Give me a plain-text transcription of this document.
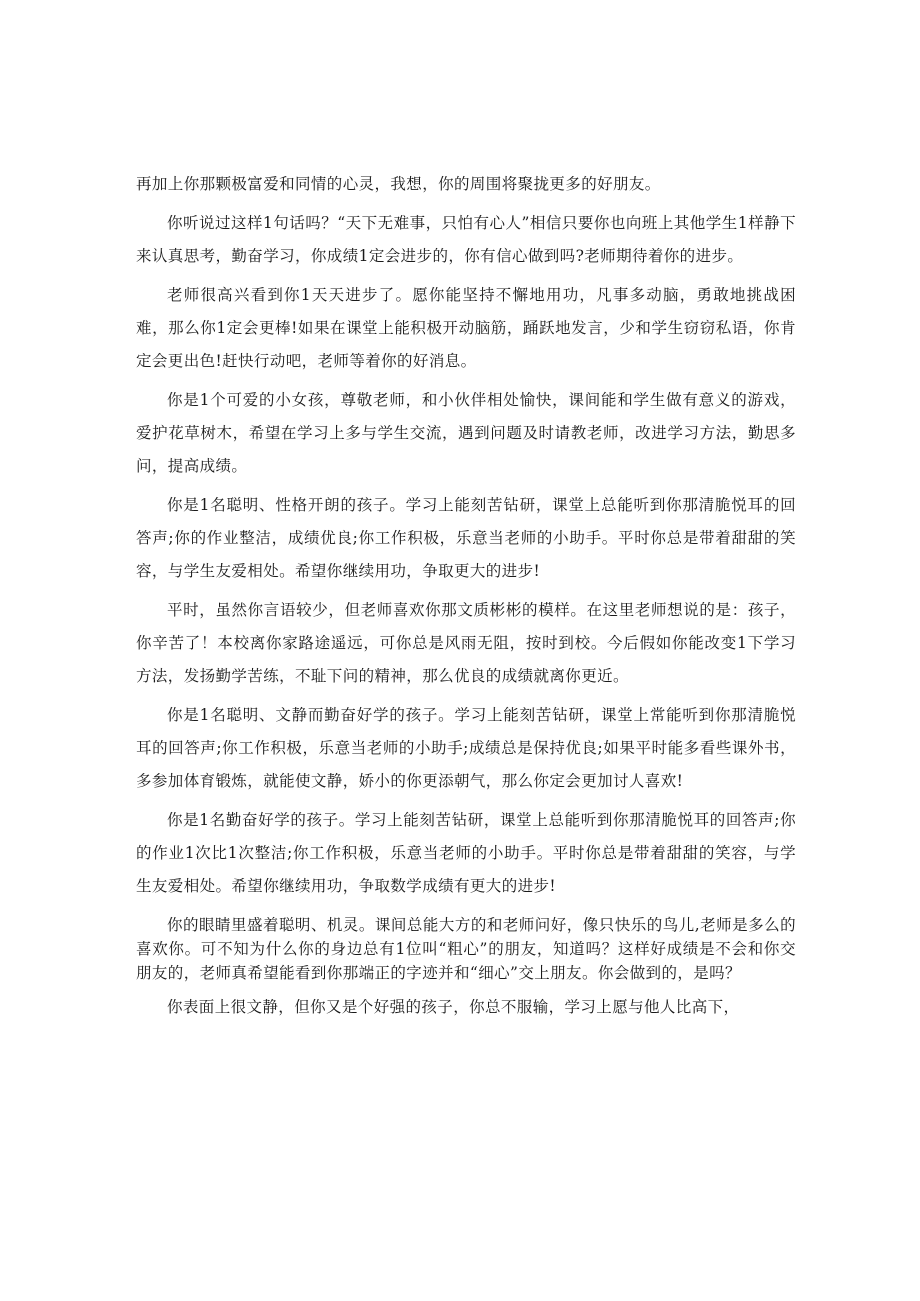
再加上你那颗极富爱和同情的心灵，我想，你的周围将聚拢更多的好朋友。

你听说过这样1句话吗？“天下无难事，只怕有心人”相信只要你也向班上其他学生1样静下来认真思考，勤奋学习，你成绩1定会进步的，你有信心做到吗?老师期待着你的进步。

老师很高兴看到你1天天进步了。愿你能坚持不懈地用功，凡事多动脑，勇敢地挑战困难，那么你1定会更棒!如果在课堂上能积极开动脑筋，踊跃地发言，少和学生窃窃私语，你肯定会更出色!赶快行动吧，老师等着你的好消息。

你是1个可爱的小女孩，尊敬老师，和小伙伴相处愉快，课间能和学生做有意义的游戏，爱护花草树木，希望在学习上多与学生交流，遇到问题及时请教老师，改进学习方法，勤思多问，提高成绩。

你是1名聪明、性格开朗的孩子。学习上能刻苦钻研，课堂上总能听到你那清脆悦耳的回答声;你的作业整洁，成绩优良;你工作积极，乐意当老师的小助手。平时你总是带着甜甜的笑容，与学生友爱相处。希望你继续用功，争取更大的进步!

平时，虽然你言语较少，但老师喜欢你那文质彬彬的模样。在这里老师想说的是：孩子，你辛苦了！本校离你家路途遥远，可你总是风雨无阻，按时到校。今后假如你能改变1下学习方法，发扬勤学苦练，不耻下问的精神，那么优良的成绩就离你更近。

你是1名聪明、文静而勤奋好学的孩子。学习上能刻苦钻研，课堂上常能听到你那清脆悦耳的回答声;你工作积极，乐意当老师的小助手;成绩总是保持优良;如果平时能多看些课外书，多参加体育锻炼，就能使文静，娇小的你更添朝气，那么你定会更加讨人喜欢!

你是1名勤奋好学的孩子。学习上能刻苦钻研，课堂上总能听到你那清脆悦耳的回答声;你的作业1次比1次整洁;你工作积极，乐意当老师的小助手。平时你总是带着甜甜的笑容，与学生友爱相处。希望你继续用功，争取数学成绩有更大的进步!

你的眼睛里盛着聪明、机灵。课间总能大方的和老师问好，像只快乐的鸟儿,老师是多么的喜欢你。可不知为什么你的身边总有1位叫“粗心”的朋友，知道吗？这样好成绩是不会和你交朋友的，老师真希望能看到你那端正的字迹并和“细心”交上朋友。你会做到的，是吗？

你表面上很文静，但你又是个好强的孩子，你总不服输，学习上愿与他人比高下，
